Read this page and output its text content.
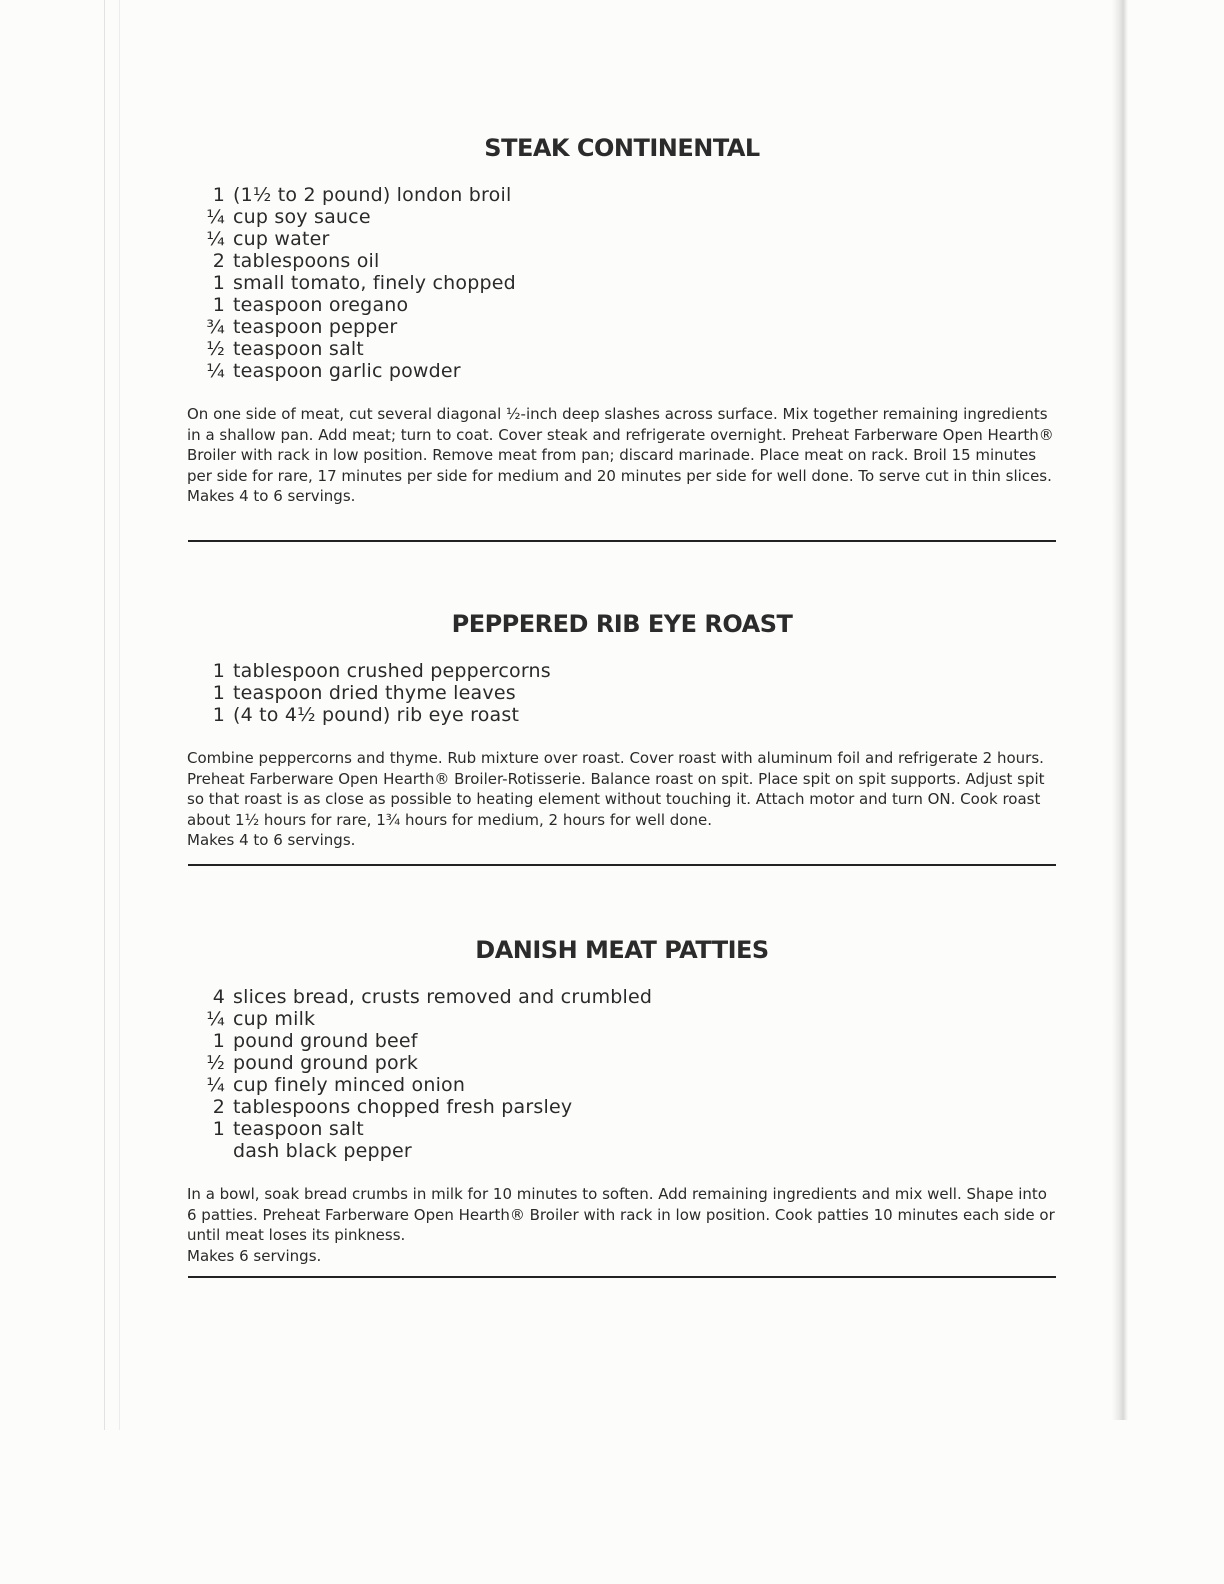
STEAK CONTINENTAL
1 (1½ to 2 pound) london broil
¼ cup soy sauce
¼ cup water
2 tablespoons oil
1 small tomato, finely chopped
1 teaspoon oregano
¾ teaspoon pepper
½ teaspoon salt
¼ teaspoon garlic powder

On one side of meat, cut several diagonal ½-inch deep slashes across surface. Mix together remaining ingredients in a shallow pan. Add meat; turn to coat. Cover steak and refrigerate overnight. Preheat Farberware Open Hearth® Broiler with rack in low position. Remove meat from pan; discard marinade. Place meat on rack. Broil 15 minutes per side for rare, 17 minutes per side for medium and 20 minutes per side for well done. To serve cut in thin slices.

Makes 4 to 6 servings.

PEPPERED RIB EYE ROAST
1 tablespoon crushed peppercorns
1 teaspoon dried thyme leaves
1 (4 to 4½ pound) rib eye roast

Combine peppercorns and thyme. Rub mixture over roast. Cover roast with aluminum foil and refrigerate 2 hours. Preheat Farberware Open Hearth® Broiler-Rotisserie. Balance roast on spit. Place spit on spit supports. Adjust spit so that roast is as close as possible to heating element without touching it. Attach motor and turn ON. Cook roast about 1½ hours for rare, 1¾ hours for medium, 2 hours for well done.

Makes 4 to 6 servings.

DANISH MEAT PATTIES
4 slices bread, crusts removed and crumbled
¼ cup milk
1 pound ground beef
½ pound ground pork
¼ cup finely minced onion
2 tablespoons chopped fresh parsley
1 teaspoon salt
dash black pepper

In a bowl, soak bread crumbs in milk for 10 minutes to soften. Add remaining ingredients and mix well. Shape into 6 patties. Preheat Farberware Open Hearth® Broiler with rack in low position. Cook patties 10 minutes each side or until meat loses its pinkness.

Makes 6 servings.
